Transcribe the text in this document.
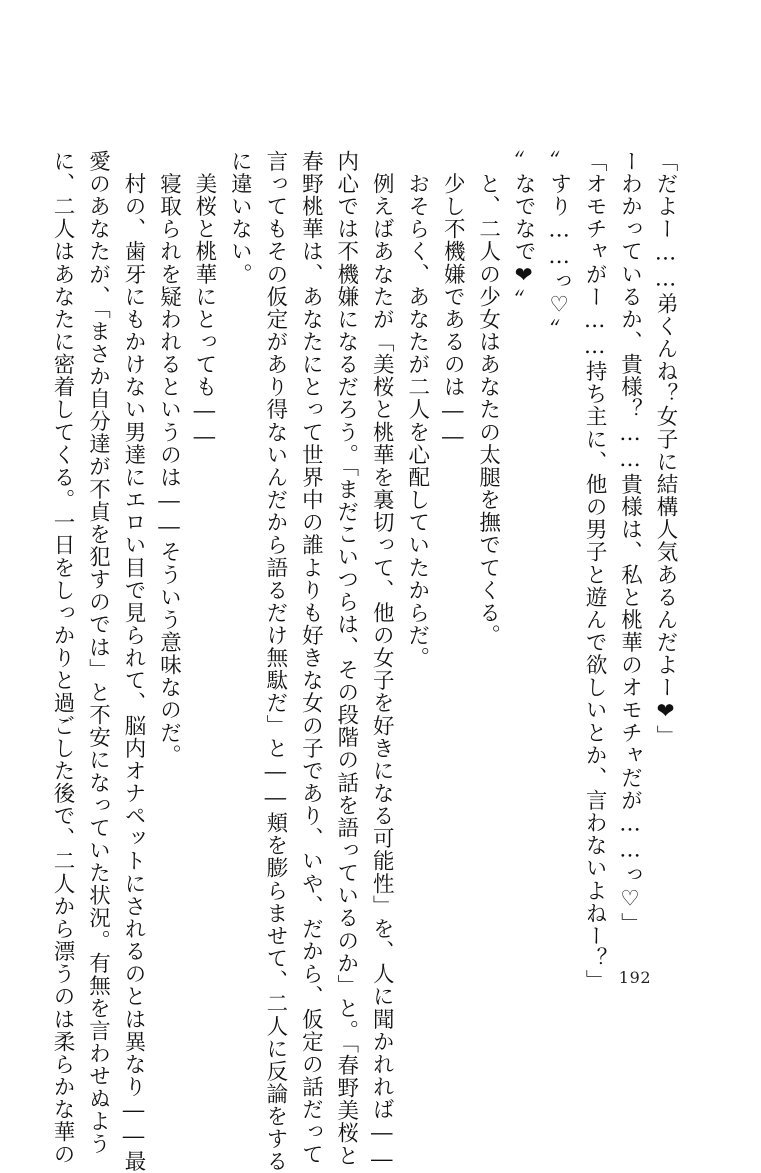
「だよー……弟くんね？女子に結構人気あるんだよー❤」

ーわかっているか、貴様？……貴様は、私と桃華のオモチャだが……っ♡」

「オモチャがー……持ち主に、他の男子と遊んで欲しいとか、言わないよねー？」

〞すり……っ♡〞

〞なでなで❤〞

　と、二人の少女はあなたの太腿を撫でてくる。

　少し不機嫌であるのは――

　おそらく、あなたが二人を心配していたからだ。

　例えばあなたが「美桜と桃華を裏切って、他の女子を好きになる可能性」を、人に聞かれれば――

内心では不機嫌になるだろう。「まだこいつらは、その段階の話を語っているのか」と。「春野美桜と

春野桃華は、あなたにとって世界中の誰よりも好きな女の子であり、いや、だから、仮定の話だって

言ってもその仮定があり得ないんだから語るだけ無駄だ」と――頬を膨らませて、二人に反論をする

に違いない。

　美桜と桃華にとっても――

　寝取られを疑われるというのは――そういう意味なのだ。

　村の、歯牙にもかけない男達にエロい目で見られて、脳内オナペットにされるのとは異なり――最

愛のあなたが、「まさか自分達が不貞を犯すのでは」と不安になっていた状況。有無を言わせぬよう

に、二人はあなたに密着してくる。一日をしっかりと過ごした後で、二人から漂うのは柔らかな華の	192
